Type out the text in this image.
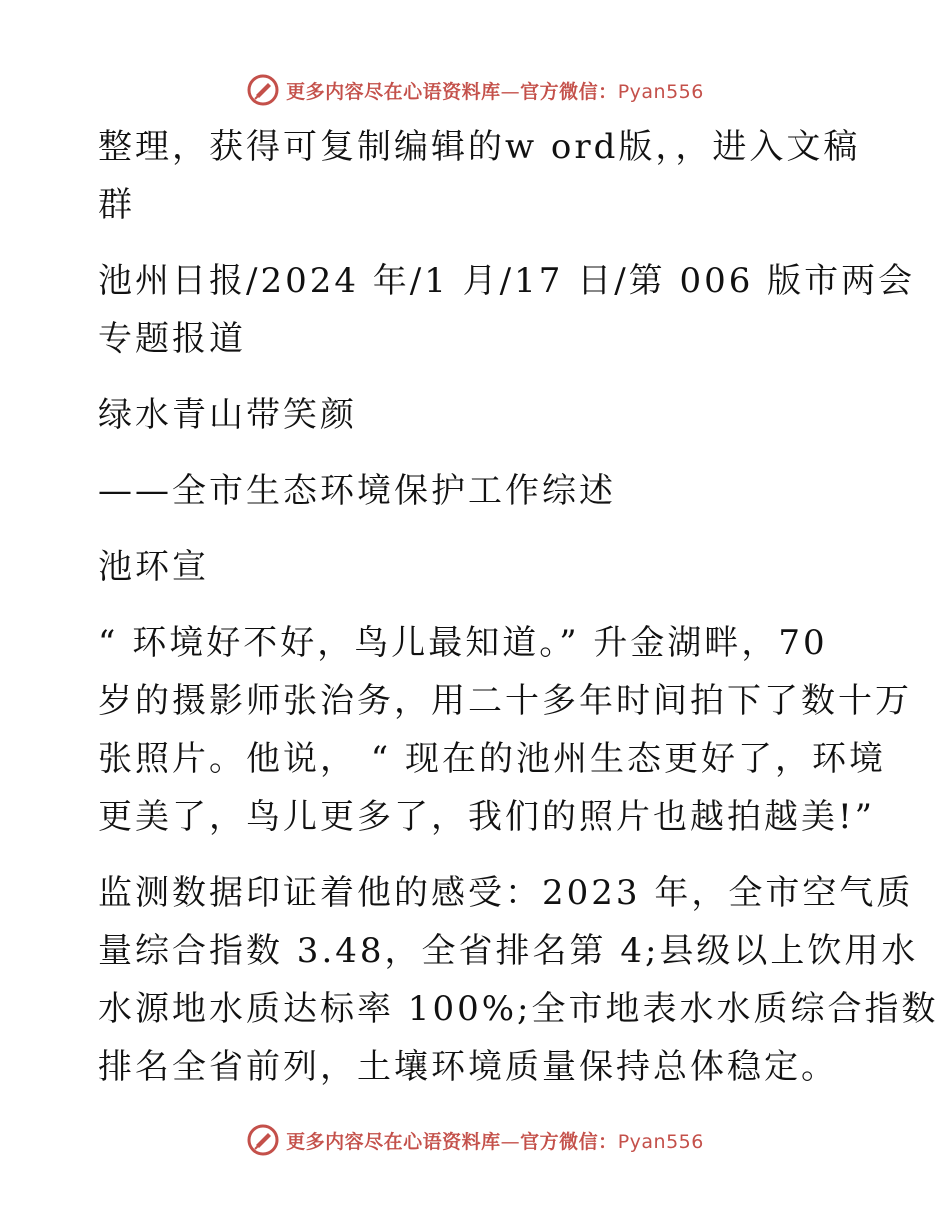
更多内容尽在心语资料库—官方微信：Pyan556
整理，获得可复制编辑的w ord版，，进入文稿
群
池州日报/2024 年/1 月/17 日/第 006 版市两会
专题报道
绿水青山带笑颜
——全市生态环境保护工作综述
池环宣
“ 环境好不好，鸟儿最知道。” 升金湖畔，70
岁的摄影师张治务，用二十多年时间拍下了数十万
张照片。他说， “ 现在的池州生态更好了，环境
更美了，鸟儿更多了，我们的照片也越拍越美!”
监测数据印证着他的感受：2023 年，全市空气质
量综合指数 3.48，全省排名第 4;县级以上饮用水
水源地水质达标率 100%;全市地表水水质综合指数
排名全省前列，土壤环境质量保持总体稳定。
更多内容尽在心语资料库—官方微信：Pyan556
